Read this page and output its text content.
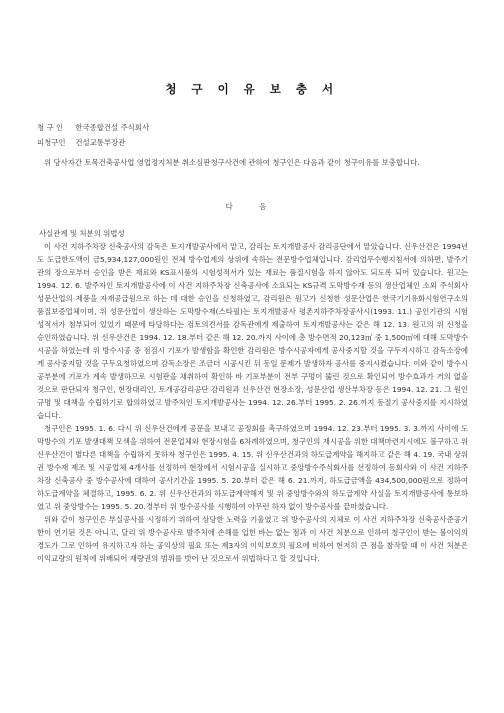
청 구 이 유 보 충 서
청 구 인 한국종합건설 주식회사
피청구인 건설교통부장관

위 당사자간 토목건축공사업 영업정지처분 취소심판청구사건에 관하여 청구인은 다음과 같이 청구이유를 보충합니다.

다 음

사실관계 및 처분의 위법성

이 사건 지하주차장 신축공사의 감독은 토지개발공사에서 맡고, 감리는 토지개발공사 감리공단에서 맡았습니다. 신우산건은 1994년도 도급한도액이 금5,934,127,000원인 전체 방수업계의 상위에 속하는 전문방수업체입니다. 감리업무수행지침서에 의하면, 발주기관의 장으로부터 승인을 받은 재료와 KS표시품의 시험성적서가 있는 재료는 품질시험을 하지 않아도 되도록 되어 있습니다. 원고는 1994. 12. 6. 발주자인 토지개발공사에 이 사건 지하주차장 신축공사에 소요되는 KS규격 도막방수재 등의 생산업체인 소외 주식회사 성문산업의 제품을 자재공급원으로 하는 데 대한 승인을 신청하였고, 감리원은 원고가 신청한 성문산업은 한국기기유화시험연구소의 품질보증업체이며, 위 성문산업이 생산하는 도막방수재(스타필)는 토지개발공사 평촌지하주차장공사시(1993. 11.) 공인기관의 시험성적서가 첨부되어 있었기 때문에 타당하다는 검토의견서를 감독관에게 제출하여 토지개발공사는 같은 해 12. 13. 원고의 위 신청을 승인하였습니다. 위 신우산건은 1994. 12. 18.부터 같은 해 12. 20.까지 사이에 총 방수면적 20,123㎡ 중 1,500㎡에 대해 도막방수시공을 하였는데 위 방수시공 중 점검시 기포가 발생함을 확인한 감리원은 방수시공자에게 공사중지할 것을 구두지시하고 감독소장에게 공사중지할 것을 구두요청하였으며 감독소장은 조금더 시공시킨 뒤 동일 문제가 발생하자 공사를 중지시켰습니다. 이와 같이 방수시공부분에 기포가 계속 발생하므로 시험판을 채취하여 확인하 바 기포부분이 전부 구멍이 뚫린 것으로 확인되어 방수효과가 거의 없을 것으로 판단되자 청구인, 현장대리인, 토개공감리공단 감리원과 신우산건 현장소장, 성문산업 생산부차장 등은 1994. 12. 21. 그 원인규명 및 대책을 수립하기로 합의하였고 발주처인 토지개발공사는 1994. 12. 26.부터 1995. 2. 26.까지 동절기 공사중지를 지시하였습니다.

청구인은 1995. 1. 6. 다시 위 신우산건에게 공문을 보내고 공정회를 촉구하였으며 1994. 12. 23.부터 1995. 3. 3.까지 사이에 도막방수의 기포 발생대책 모색을 위하여 전문업체와 현장시험을 6차례하였으며, 청구인의 재시공을 위한 대책마련지시에도 불구하고 위 신우산건이 별다른 대책을 수립하지 못하자 청구인은 1995. 4. 15. 위 신우산건과의 하도급계약을 해지하고 같은 해 4. 19. 국내 상위권 방수재 제조 및 시공업체 4개사를 선정하여 현장에서 시험시공을 실시하고 중앙방수주식회사를 선정하여 동회사와 이 사건 지하주차장 신축공사 중 방수공사에 대하여 공사기간을 1995. 5. 20.부터 같은 해 6. 21.까지, 하도급금액을 434,500,000원으로 정하여 하도급계약을 체결하고, 1995. 6. 2. 위 신우산건과의 하도급계약해지 및 위 중앙방수와의 하도급계약 사실을 토지개발공사에 통보하였고 위 중앙방수는 1995. 5. 20.경부터 위 방수공사를 시행하여 아무런 하자 없이 방수공사를 끝마쳤습니다.

위와 같이 청구인은 부실공사를 시정하기 위하여 상당한 노력을 기울였고 위 방수공사의 지체로 이 사건 지하주차장 신축공사준공기한이 연기된 것은 아니고, 달리 위 방수공사로 발주처에 손해를 입힌 바는 없는 점과 이 사건 처분으로 인하여 청구인이 받는 불이익의 경도가 그로 인하여 유지하고자 하는 공익상의 필요 또는 제3자의 이익보호의 필요에 비하여 현저히 큰 점을 참작할 때 이 사건 처분은 이익교량의 원칙에 위배되어 재량권의 범위를 벗어 난 것으로서 위법하다고 할 것입니다.
